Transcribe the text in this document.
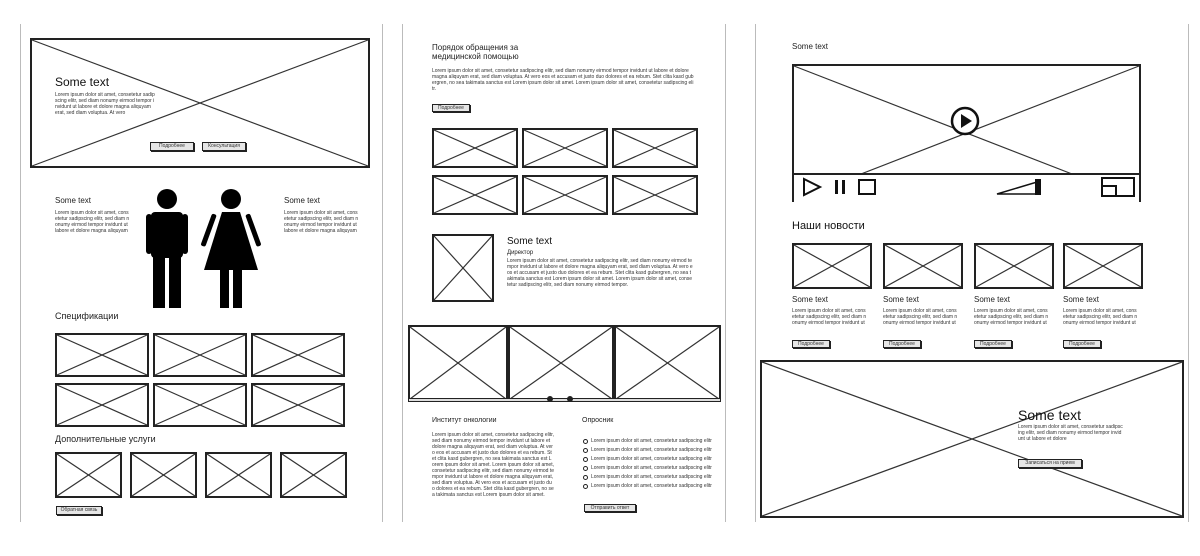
Some text
Lorem ipsum dolor sit amet, consetetur sadipscing elitr, sed diam nonumy eirmod tempor invidunt ut labore et dolore magna aliquyam erat, sed diam voluptua. At vero
Подробнее	Консультация
Some text
Lorem ipsum dolor sit amet, consetetur sadipscing elitr, sed diam nonumy eirmod tempor invidunt ut labore et dolore magna aliquyam
Some text
Lorem ipsum dolor sit amet, consetetur sadipscing elitr, sed diam nonumy eirmod tempor invidunt ut labore et dolore magna aliquyam
Спецификации
Дополнительные услуги
Обратная связь
Порядок обращения за медицинской помощью
Lorem ipsum dolor sit amet, consetetur sadipscing elitr, sed diam nonumy eirmod tempor invidunt ut labore et dolore magna aliquyam erat, sed diam voluptua. At vero eos et accusam et justo duo dolores et ea rebum. Stet clita kasd gubergren, no sea takimata sanctus est Lorem ipsum dolor sit amet. Lorem ipsum dolor sit amet, consetetur sadipscing elitr.
Подробнее
Some text
Директор
Lorem ipsum dolor sit amet, consetetur sadipscing elitr, sed diam nonumy eirmod tempor invidunt ut labore et dolore magna aliquyam erat, sed diam voluptua. At vero eos et accusam et justo duo dolores et ea rebum. Stet clita kasd gubergren, no sea takimata sanctus est Lorem ipsum dolor sit amet. Lorem ipsum dolor sit amet, consetetur sadipscing elitr, sed diam nonumy eirmod tempor.
Институт онкологии
Lorem ipsum dolor sit amet, consetetur sadipscing elitr, sed diam nonumy eirmod tempor invidunt ut labore et dolore magna aliquyam erat, sed diam voluptua. At vero eos et accusam et justo duo dolores et ea rebum. Stet clita kasd gubergren, no sea takimata sanctus est Lorem ipsum dolor sit amet. Lorem ipsum dolor sit amet, consetetur sadipscing elitr, sed diam nonumy eirmod tempor invidunt ut labore et dolore magna aliquyam erat, sed diam voluptua. At vero eos et accusam et justo duo dolores et ea rebum. Stet clita kasd gubergren, no sea takimata sanctus est Lorem ipsum dolor sit amet.
Опросник
Lorem ipsum dolor sit amet, consetetur sadipscing elitr
Lorem ipsum dolor sit amet, consetetur sadipscing elitr
Lorem ipsum dolor sit amet, consetetur sadipscing elitr
Lorem ipsum dolor sit amet, consetetur sadipscing elitr
Lorem ipsum dolor sit amet, consetetur sadipscing elitr
Lorem ipsum dolor sit amet, consetetur sadipscing elitr
Отправить ответ
Some text
Наши новости
Some text
Lorem ipsum dolor sit amet, consetetur sadipscing elitr, sed diam nonumy eirmod tempor invidunt ut
Подробнее
Some text
Lorem ipsum dolor sit amet, consetetur sadipscing elitr, sed diam nonumy eirmod tempor invidunt ut
Подробнее
Some text
Lorem ipsum dolor sit amet, consetetur sadipscing elitr, sed diam nonumy eirmod tempor invidunt ut
Подробнее
Some text
Lorem ipsum dolor sit amet, consetetur sadipscing elitr, sed diam nonumy eirmod tempor invidunt ut
Подробнее
Some text
Lorem ipsum dolor sit amet, consetetur sadipscing elitr, sed diam nonumy eirmod tempor invidunt ut labore et dolore
Записаться на прием
